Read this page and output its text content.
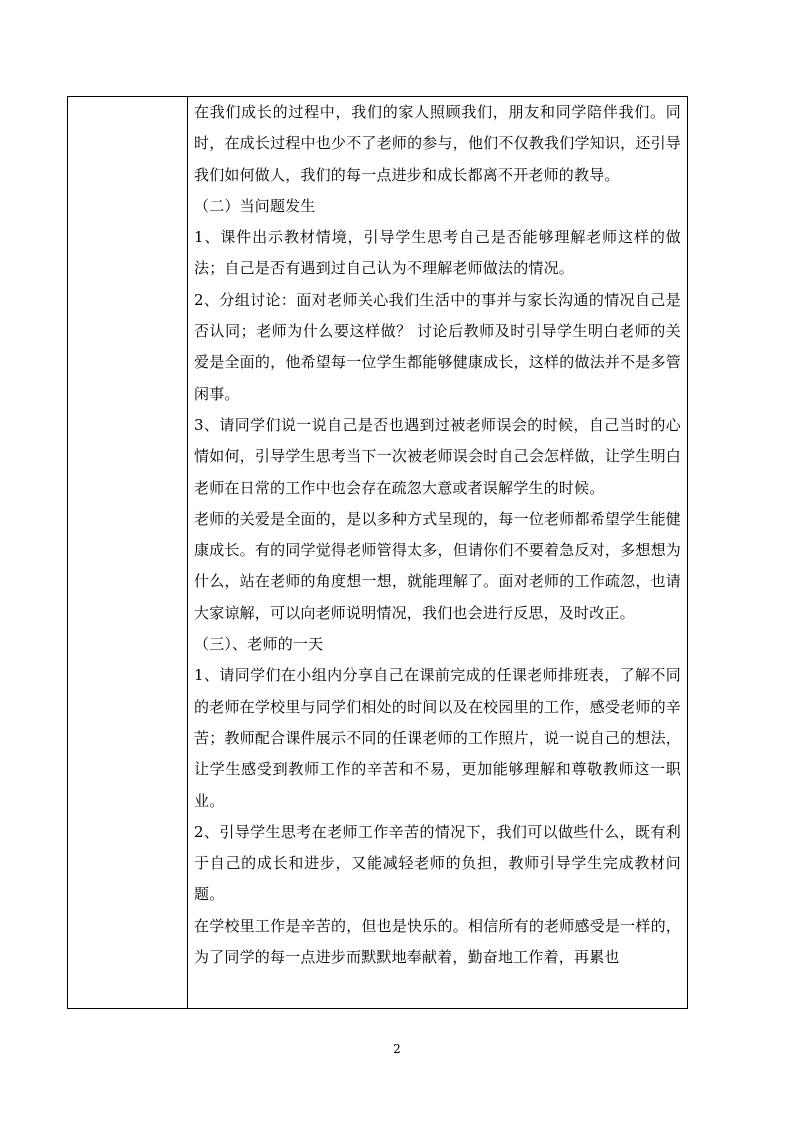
在我们成长的过程中，我们的家人照顾我们，朋友和同学陪伴我们。同时，在成长过程中也少不了老师的参与，他们不仅教我们学知识，还引导我们如何做人，我们的每一点进步和成长都离不开老师的教导。

（二）当问题发生

1、课件出示教材情境，引导学生思考自己是否能够理解老师这样的做法；自己是否有遇到过自己认为不理解老师做法的情况。

2、分组讨论：面对老师关心我们生活中的事并与家长沟通的情况自己是否认同；老师为什么要这样做？ 讨论后教师及时引导学生明白老师的关爱是全面的，他希望每一位学生都能够健康成长，这样的做法并不是多管闲事。

3、请同学们说一说自己是否也遇到过被老师误会的时候，自己当时的心情如何，引导学生思考当下一次被老师误会时自己会怎样做，让学生明白老师在日常的工作中也会存在疏忽大意或者误解学生的时候。

老师的关爱是全面的，是以多种方式呈现的，每一位老师都希望学生能健康成长。有的同学觉得老师管得太多，但请你们不要着急反对，多想想为什么，站在老师的角度想一想，就能理解了。面对老师的工作疏忽，也请大家谅解，可以向老师说明情况，我们也会进行反思，及时改正。

（三）、老师的一天

1、请同学们在小组内分享自己在课前完成的任课老师排班表，了解不同的老师在学校里与同学们相处的时间以及在校园里的工作，感受老师的辛苦；教师配合课件展示不同的任课老师的工作照片，说一说自己的想法，让学生感受到教师工作的辛苦和不易，更加能够理解和尊敬教师这一职业。

2、引导学生思考在老师工作辛苦的情况下，我们可以做些什么，既有利于自己的成长和进步，又能减轻老师的负担，教师引导学生完成教材问题。

在学校里工作是辛苦的，但也是快乐的。相信所有的老师感受是一样的，为了同学的每一点进步而默默地奉献着，勤奋地工作着，再累也

2
